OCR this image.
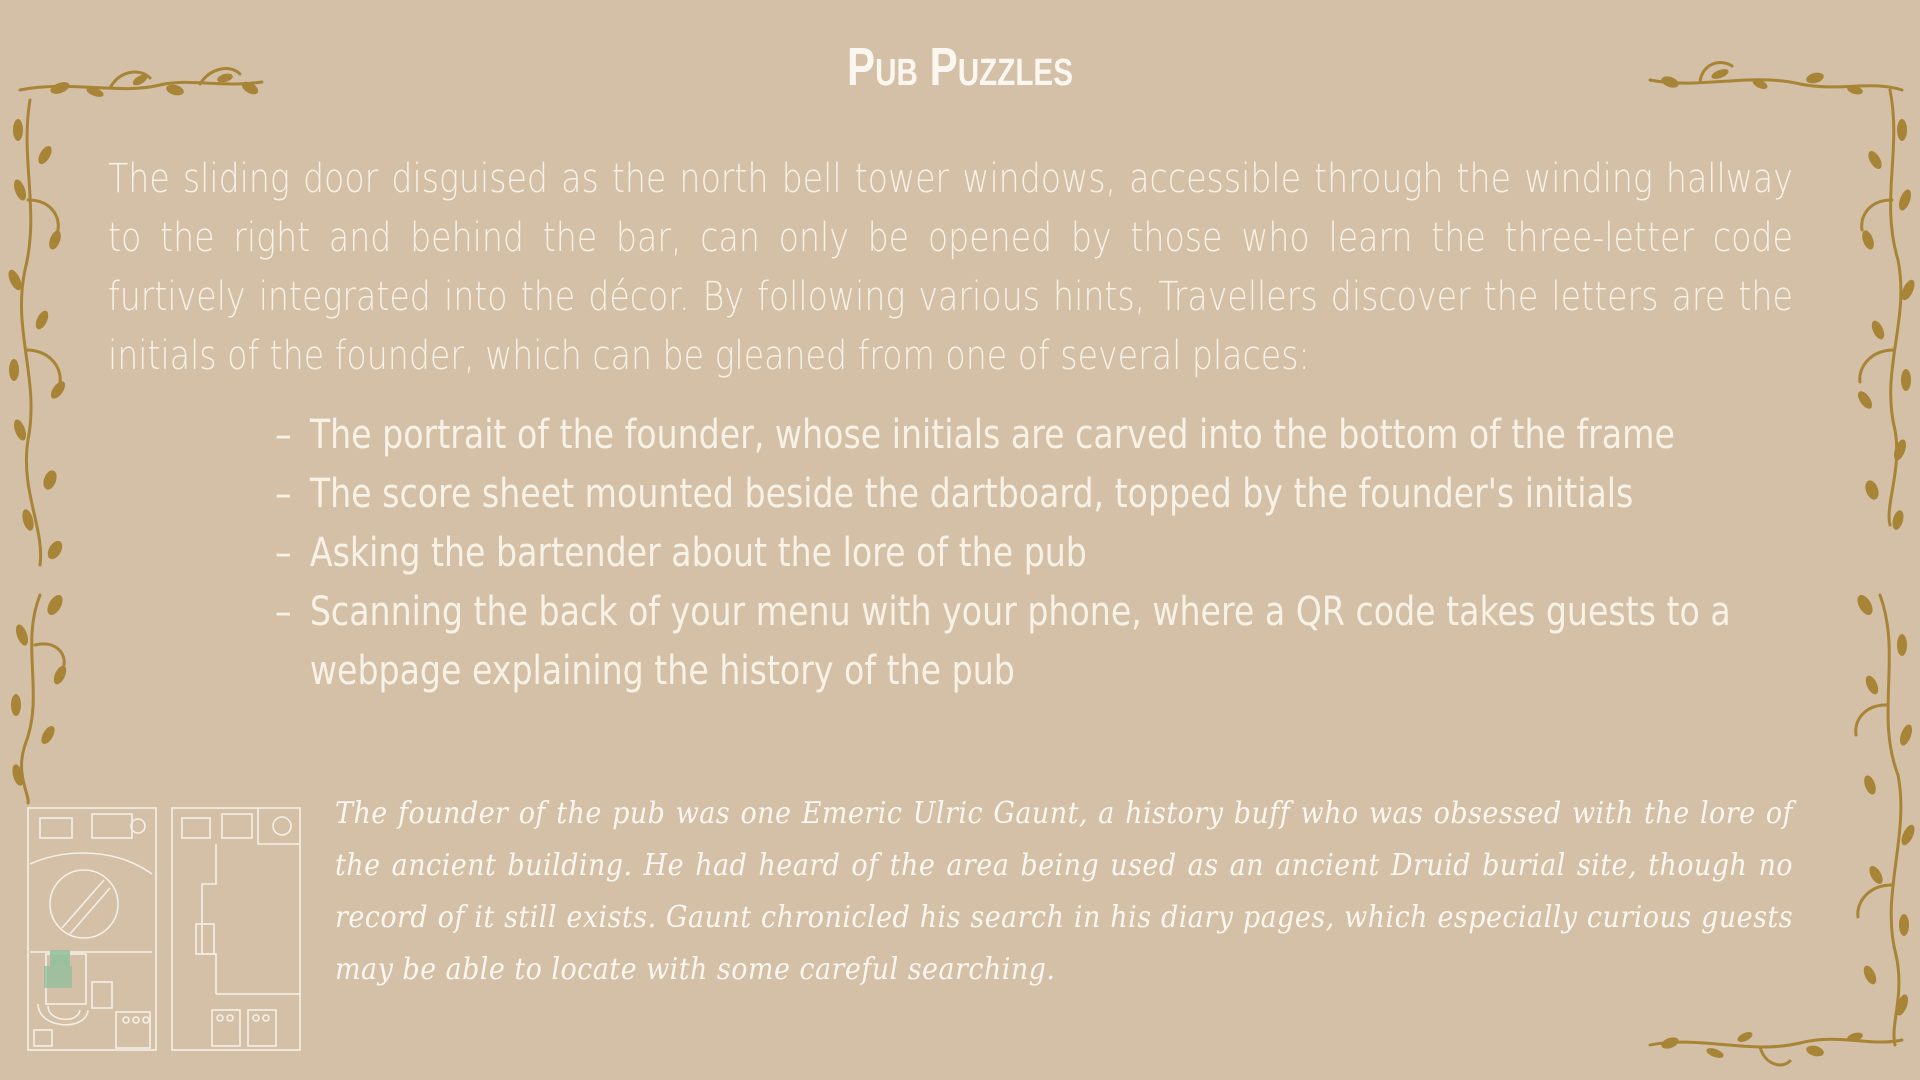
Pub Puzzles
The sliding door disguised as the north bell tower windows, accessible through the winding hallway to the right and behind the bar, can only be opened by those who learn the three-letter code furtively integrated into the décor. By following various hints, Travellers discover the letters are the initials of the founder, which can be gleaned from one of several places:
– The portrait of the founder, whose initials are carved into the bottom of the frame
– The score sheet mounted beside the dartboard, topped by the founder's initials
– Asking the bartender about the lore of the pub
– Scanning the back of your menu with your phone, where a QR code takes guests to a webpage explaining the history of the pub
The founder of the pub was one Emeric Ulric Gaunt, a history buff who was obsessed with the lore of the ancient building. He had heard of the area being used as an ancient Druid burial site, though no record of it still exists. Gaunt chronicled his search in his diary pages, which especially curious guests may be able to locate with some careful searching.
